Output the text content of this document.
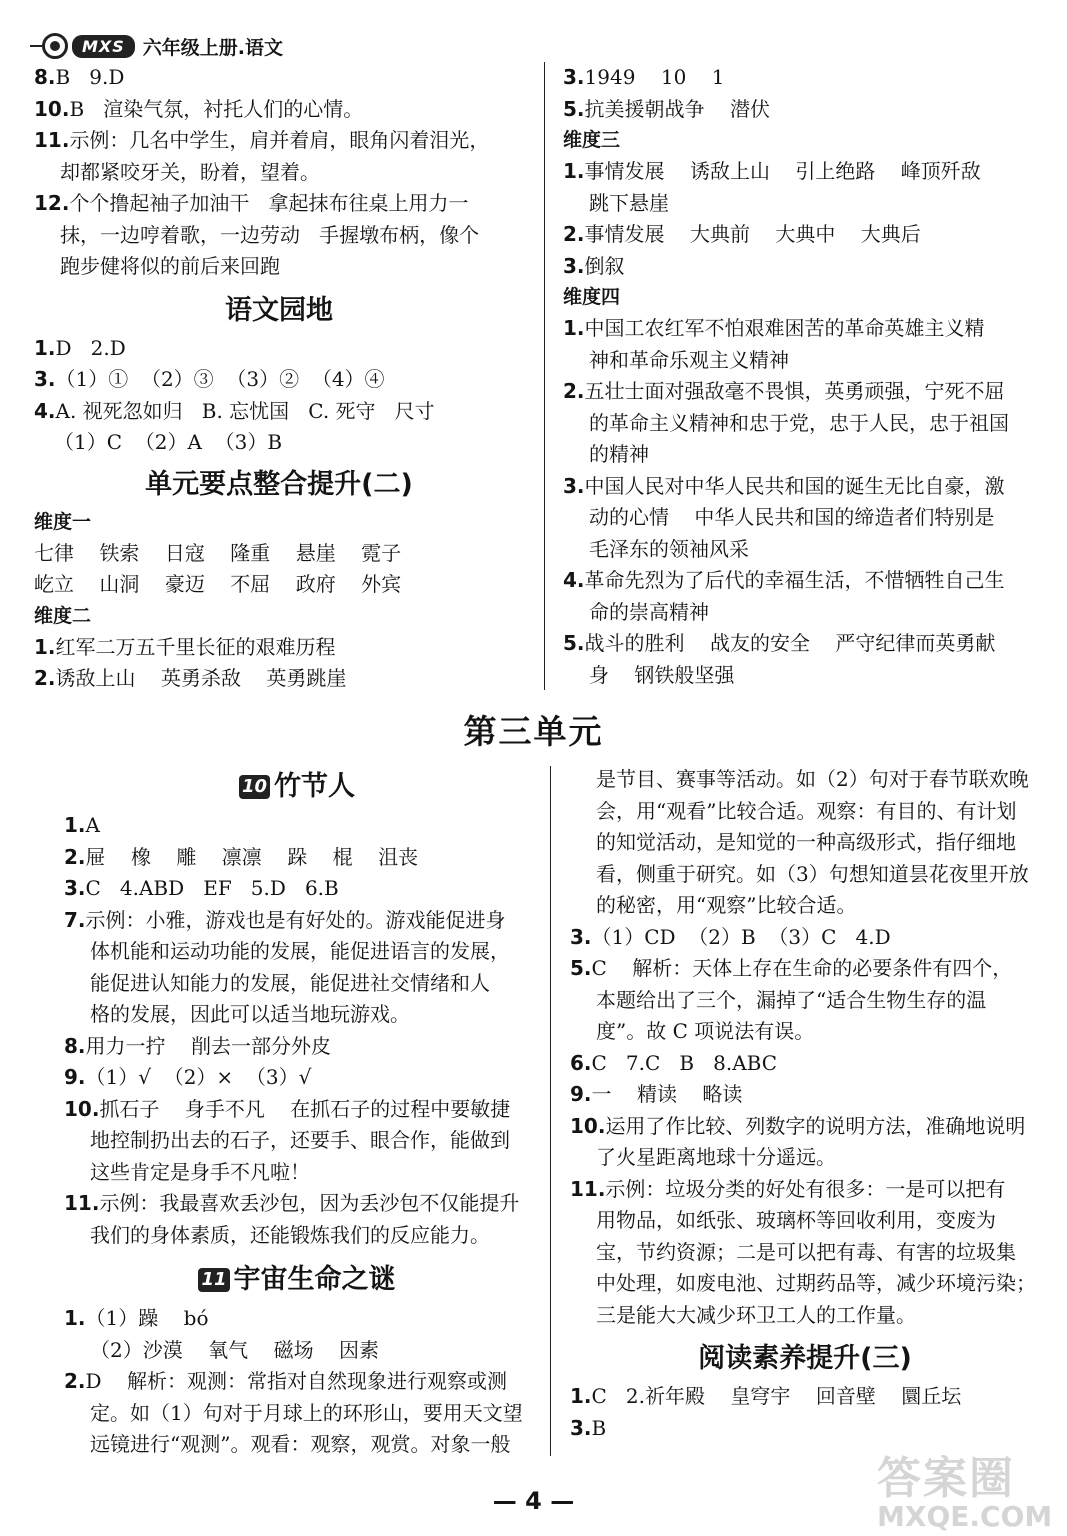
MXS 六年级上册.语文
8.B   9.D
10.B   渲染气氛，衬托人们的心情。
11.示例：几名中学生，肩并着肩，眼角闪着泪光，
却都紧咬牙关，盼着，望着。
12.个个撸起袖子加油干   拿起抹布往桌上用力一
抹，一边哼着歌，一边劳动   手握墩布柄，像个
跑步健将似的前后来回跑
语文园地
1.D   2.D
3.（1）①  （2）③  （3）②  （4）④
4.A. 视死忽如归   B. 忘忧国   C. 死守   尺寸
（1）C  （2）A  （3）B
单元要点整合提升(二)
维度一
七律    铁索    日寇    隆重    悬崖    霓子
屹立    山洞    豪迈    不屈    政府    外宾
维度二
1.红军二万五千里长征的艰难历程
2.诱敌上山    英勇杀敌    英勇跳崖
3.1949    10    1
5.抗美援朝战争    潜伏
维度三
1.事情发展    诱敌上山    引上绝路    峰顶歼敌
跳下悬崖
2.事情发展    大典前    大典中    大典后
3.倒叙
维度四
1.中国工农红军不怕艰难困苦的革命英雄主义精
神和革命乐观主义精神
2.五壮士面对强敌毫不畏惧，英勇顽强，宁死不屈
的革命主义精神和忠于党，忠于人民，忠于祖国
的精神
3.中国人民对中华人民共和国的诞生无比自豪，激
动的心情    中华人民共和国的缔造者们特别是
毛泽东的领袖风采
4.革命先烈为了后代的幸福生活，不惜牺牲自己生
命的崇高精神
5.战斗的胜利    战友的安全    严守纪律而英勇献
身    钢铁般坚强
第三单元
10 竹节人
1.A
2.屉    橡    雕    凛凛    跺    棍    沮丧
3.C   4.ABD   EF   5.D   6.B
7.示例：小雅，游戏也是有好处的。游戏能促进身
体机能和运动功能的发展，能促进语言的发展，
能促进认知能力的发展，能促进社交情绪和人
格的发展，因此可以适当地玩游戏。
8.用力一拧    削去一部分外皮
9.（1）√  （2）×  （3）√
10.抓石子    身手不凡    在抓石子的过程中要敏捷
地控制扔出去的石子，还要手、眼合作，能做到
这些肯定是身手不凡啦！
11.示例：我最喜欢丢沙包，因为丢沙包不仅能提升
我们的身体素质，还能锻炼我们的反应能力。
11 宇宙生命之谜
1.（1）躁    bó
（2）沙漠    氧气    磁场    因素
2.D    解析：观测：常指对自然现象进行观察或测
定。如（1）句对于月球上的环形山，要用天文望
远镜进行“观测”。观看：观察，观赏。对象一般
是节目、赛事等活动。如（2）句对于春节联欢晚
会，用“观看”比较合适。观察：有目的、有计划
的知觉活动，是知觉的一种高级形式，指仔细地
看，侧重于研究。如（3）句想知道昙花夜里开放
的秘密，用“观察”比较合适。
3.（1）CD  （2）B  （3）C   4.D
5.C    解析：天体上存在生命的必要条件有四个，
本题给出了三个，漏掉了“适合生物生存的温
度”。故 C 项说法有误。
6.C   7.C   B   8.ABC
9.一    精读    略读
10.运用了作比较、列数字的说明方法，准确地说明
了火星距离地球十分遥远。
11.示例：垃圾分类的好处有很多：一是可以把有
用物品，如纸张、玻璃杯等回收利用，变废为
宝，节约资源；二是可以把有毒、有害的垃圾集
中处理，如废电池、过期药品等，减少环境污染；
三是能大大减少环卫工人的工作量。
阅读素养提升(三)
1.C   2.祈年殿    皇穹宇    回音壁    圜丘坛
3.B
— 4 —	答案圈
MXQE.COM
